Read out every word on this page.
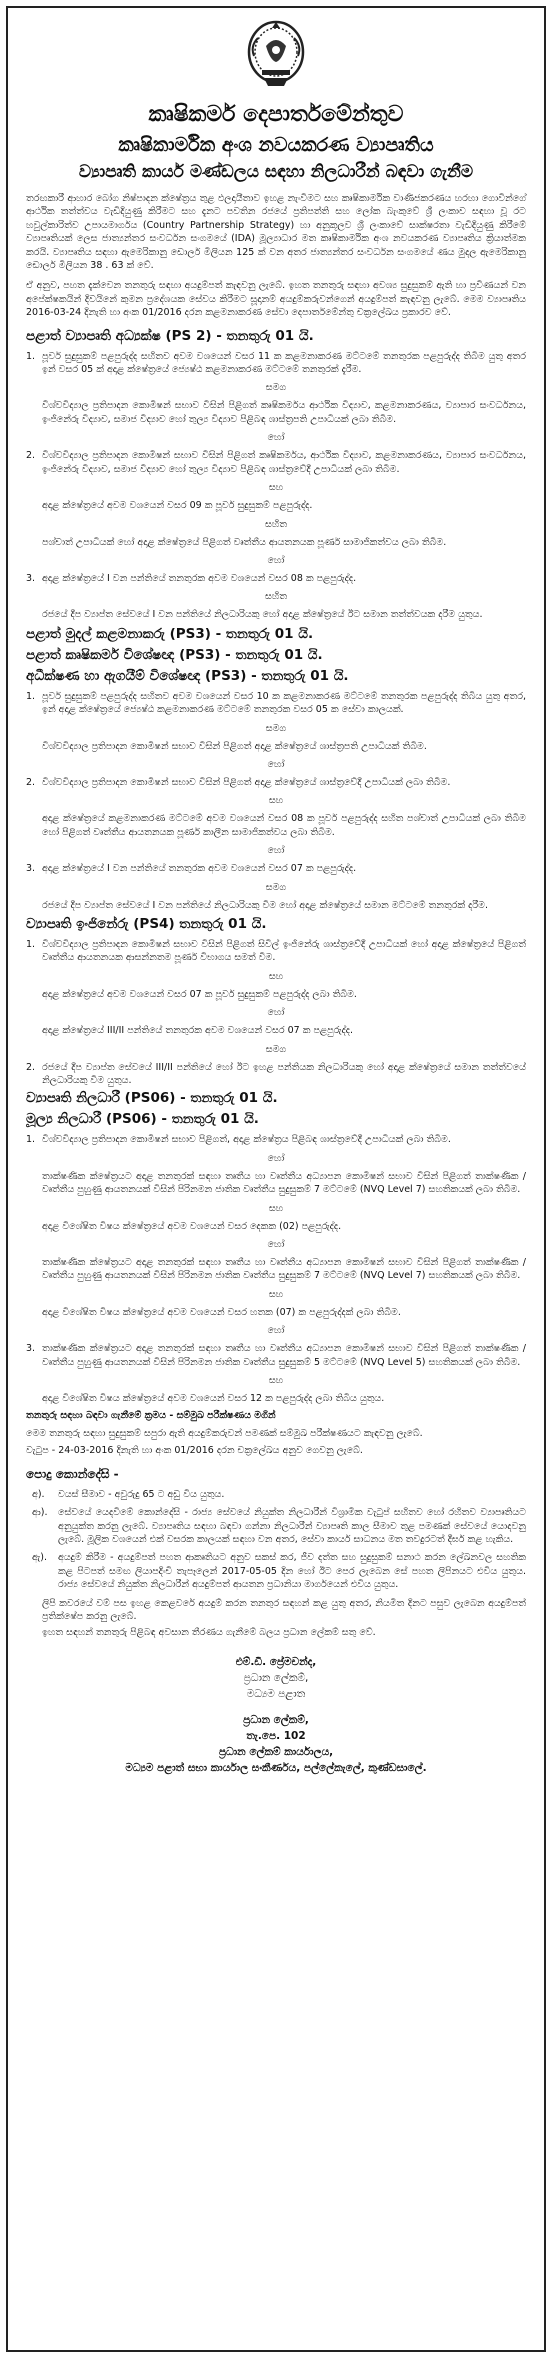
කෘෂිකර්ම දෙපාර්තමේන්තුව
කෘෂිකාර්මික අංශ නවයකරණ ව්‍යාපෘතිය
ව්‍යාපෘති කාර්ය මණ්ඩලය සඳහා නිලධාරීන් බඳවා ගැනීම

තරඟකාරී ආහාර බෝග නිෂ්පාදන ක්ෂේත්‍රය තුළ ඵලදායීතාව ඉහළ නැංවීමට සහ කෘෂිකාර්මික වාණිජකරණය හරහා ගොවීන්ගේ ආර්ථික තත්ත්වය වැඩිදියුණු කිරීමට සහ දැනට පවතින රජයේ ප්‍රතිපත්ති සහ ලෝක බැංකුවේ ශ්‍රී ලංකාව සඳහා වූ රට හවුල්කාරිත්ව උපායමාර්ගය (Country Partnership Strategy) හා අනුකූලව ශ්‍රී ලංකාවේ සාක්ෂරතා වැඩිදියුණු කිරීමේ ව්‍යාපෘතියක් ලෙස ජාත්‍යන්තර සංවර්ධන සංගමයේ (IDA) මූල්‍යාධාර මත කෘෂිකාර්මික අංශ නවයකරණ ව්‍යාපෘතිය ක්‍රියාත්මක කරයි. ව්‍යාපෘතිය සඳහා ඇමෙරිකානු ඩොලර් මිලියන 125 ක් වන අතර ජාත්‍යන්තර සංවර්ධන සංගමයේ ණය මුදල ඇමෙරිකානු ඩොලර් මිලියන 38 . 63 ක් වේ.

ඒ අනුව, පහත දැක්වෙන තනතුරු සඳහා අයදුම්පත් කැඳවනු ලැබේ. ඉහත තනතුරු සඳහා අවශ්‍ය සුදුසුකම් ඇති හා ප්‍රවීණයන් වන අපේක්ෂකයින් දිවයිනේ කුමන ප්‍රදේශයක සේවය කිරීමට සූදානම් අයදුම්කරුවන්ගෙන් අයදුම්පත් කැඳවනු ලැබේ. මෙම ව්‍යාපෘතිය 2016-03-24 දිනැති හා අංක 01/2016 දරන කළමනාකරණ සේවා දෙපාර්තමේන්තු චක්‍රලේඛය ප්‍රකාරව වේ.

පළාත් ව්‍යාපෘති අධ්‍යක්ෂ (PS 2) - තනතුරු 01 යි.
1. පූර්ව සුදුසුකම් පළපුරුද්ද සහිතව අවම වශයෙන් වසර 11 ක කළමනාකරණ මට්ටමේ තනතුරක පළපුරුද්ද තිබීම යුතු අතර ඉන් වසර 05 ක් අදාළ ක්ෂේත්‍රයේ ජ්‍යෙෂ්ඨ කළමනාකරණ මට්ටමේ තනතුරක් දැරීම.
සමග
විශ්වවිද්‍යාල ප්‍රතිපාදන කොමිෂන් සභාව විසින් පිළිගත් කෘෂිකර්මය ආර්ථික විද්‍යාව, කළමනාකරණය, ව්‍යාපාර සංවර්ධනය, ඉංජිනේරු විද්‍යාව, සමාජ විද්‍යාව හෝ තුල්‍ය විද්‍යාව පිළිබඳ ශාස්ත්‍රපති උපාධියක් ලබා තිබීම.
හෝ
2. විශ්වවිද්‍යාල ප්‍රතිපාදන කොමිෂන් සභාව විසින් පිළිගත් කෘෂිකර්මය, ආර්ථික විද්‍යාව, කළමනාකරණය, ව්‍යාපාර සංවර්ධනය, ඉංජිනේරු විද්‍යාව, සමාජ විද්‍යාව හෝ තුල්‍ය විද්‍යාව පිළිබඳ ශාස්ත්‍රවේදී උපාධියක් ලබා තිබීම.
සහ
අදාළ ක්ෂේත්‍රයේ අවම වශයෙන් වසර 09 ක පූර්ව සුදුසුකම් පළපුරුද්ද.
සහිත
පශ්චාත් උපාධියක් හෝ අදාළ ක්ෂේත්‍රයේ පිළිගත් වෘත්තීය ආයතනයක පූර්ණ සාමාජිකත්වය ලබා තිබීම.
හෝ
3. අදාළ ක්ෂේත්‍රයේ I වන පන්තියේ තනතුරක අවම වශයෙන් වසර 08 ක පළපුරුද්ද.
සහිත
රජයේ දීප ව්‍යාප්ත සේවයේ I වන පන්තියේ නිලධාරියකු හෝ අදාළ ක්ෂේත්‍රයේ ඊට සමාන තත්ත්වයක දරීම යුතුය.
පළාත් මුදල් කළමනාකරු (PS3) - තනතුරු 01 යි.
පළාත් කෘෂිකර්ම විශේෂඥ (PS3) - තනතුරු 01 යි.
අධීක්ෂණ හා ඇගයීම් විශේෂඥ (PS3) - තනතුරු 01 යි.
1. පූර්ව සුදුසුකම් පළපුරුද්ද සහිතව අවම වශයෙන් වසර 10 ක කළමනාකරණ මට්ටමේ තනතුරක පළපුරුද්ද තිබිය යුතු අතර, ඉන් අදාළ ක්ෂේත්‍රයේ ජ්‍යෙෂ්ඨ කළමනාකරණ මට්ටමේ තනතුරක වසර 05 ක සේවා කාලයක්.
සමග
විශ්වවිද්‍යාල ප්‍රතිපාදන කොමිෂන් සභාව විසින් පිළිගත් අදාළ ක්ෂේත්‍රයේ ශාස්ත්‍රපති උපාධියක් තිබීම.
හෝ
2. විශ්වවිද්‍යාල ප්‍රතිපාදන කොමිෂන් සභාව විසින් පිළිගත් අදාළ ක්ෂේත්‍රයේ ශාස්ත්‍රවේදී උපාධියක් ලබා තිබීම.
සහ
අදාළ ක්ෂේත්‍රයේ කළමනාකරණ මට්ටමේ අවම වශයෙන් වසර 08 ක පූර්ව පළපුරුද්ද සහිත පශ්චාත් උපාධියක් ලබා තිබීම හෝ පිළිගත් වෘත්තීය ආයතනයක පූර්ණ කාලීන සාමාජිකත්වය ලබා තිබීම.
හෝ
3. අදාළ ක්ෂේත්‍රයේ I වන පන්තියේ තනතුරක අවම වශයෙන් වසර 07 ක පළපුරුද්ද.
සමග
රජයේ දීප ව්‍යාප්ත සේවයේ I වන පන්තියේ නිලධාරියකු වීම හෝ අදාළ ක්ෂේත්‍රයේ සමාන මට්ටමේ තනතුරක් දරීම.
ව්‍යාපෘති ඉංජිනේරු (PS4) තනතුරු 01 යි.
1. විශ්වවිද්‍යාල ප්‍රතිපාදන කොමිෂන් සභාව විසින් පිළිගත් සිවිල් ඉංජිනේරු ශාස්ත්‍රවේදී උපාධියක් හෝ අදාළ ක්ෂේත්‍රයේ පිළිගත් වෘත්තීය ආයතනයක ආසන්නතම පූර්ණ විභාගය සමත් වීම.
සහ
අදාළ ක්ෂේත්‍රයේ අවම වශයෙන් වසර 07 ක පූර්ව සුදුසුකම් පළපුරුද්ද ලබා තිබීම.
හෝ
අදාළ ක්ෂේත්‍රයේ III/II පන්තියේ තනතුරක අවම වශයෙන් වසර 07 ක පළපුරුද්ද.
සමග
2. රජයේ දීප ව්‍යාප්ත සේවයේ III/II පන්තියේ හෝ ඊට ඉහළ පන්තියක නිලධාරියකු හෝ අදාළ ක්ෂේත්‍රයේ සමාන තත්ත්වයේ නිලධාරියකු වීම යුතුය.
ව්‍යාපෘති නිලධාරී (PS06) - තනතුරු 01 යි.
මූල්‍ය නිලධාරී (PS06) - තනතුරු 01 යි.
1. විශ්වවිද්‍යාල ප්‍රතිපාදන කොමිෂන් සභාව පිළිගත්, අදාළ ක්ෂේත්‍රය පිළිබඳ ශාස්ත්‍රවේදී උපාධියක් ලබා තිබීම.
හෝ
තාක්ෂණික ක්ෂේත්‍රයට අදාළ තනතුරක් සඳහා තෘතීය හා වෘත්තීය අධ්‍යාපන කොමිෂන් සභාව විසින් පිළිගත් තාක්ෂණික / වෘත්තීය පුහුණු ආයතනයක් විසින් පිරිනමන ජාතික වෘත්තීය සුදුසුකම් 7 මට්ටමේ (NVQ Level 7) සහතිකයක් ලබා තිබීම.
සහ
අදාළ විශේෂිත විෂය ක්ෂේත්‍රයේ අවම වශයෙන් වසර දෙකක (02) පළපුරුද්ද.
හෝ
තාක්ෂණික ක්ෂේත්‍රයට අදාළ තනතුරක් සඳහා තෘතීය හා වෘත්තීය අධ්‍යාපන කොමිෂන් සභාව විසින් පිළිගත් තාක්ෂණික / වෘත්තීය පුහුණු ආයතනයක් විසින් පිරිනමන ජාතික වෘත්තීය සුදුසුකම් 7 මට්ටමේ (NVQ Level 7) සහතිකයක් ලබා තිබීම.
සහ
අදාළ විශේෂිත විෂය ක්ෂේත්‍රයේ අවම වශයෙන් වසර හතක (07) ක පළපුරුද්දක් ලබා තිබීම.
හෝ
3. තාක්ෂණික ක්ෂේත්‍රයට අදාළ තනතුරක් සඳහා තෘතීය හා වෘත්තීය අධ්‍යාපන කොමිෂන් සභාව විසින් පිළිගත් තාක්ෂණික / වෘත්තීය පුහුණු ආයතනයක් විසින් පිරිනමන ජාතික වෘත්තීය සුදුසුකම් 5 මට්ටමේ (NVQ Level 5) සහතිකයක් ලබා තිබීම.
සහ
අදාළ විශේෂිත විෂය ක්ෂේත්‍රයේ අවම වශයෙන් වසර 12 ක පළපුරුද්ද ලබා තිබිය යුතුය.
තනතුරු සඳහා බඳවා ගැනීමේ ක්‍රමය - සම්මුඛ පරීක්ෂණය මගින්
මෙම තනතුරු සඳහා සුදුසුකම් සපුරා ඇති අයදුම්කරුවන් පමණක් සම්මුඛ පරීක්ෂණයට කැඳවනු ලැබේ.
වැටුප - 24-03-2016 දිනැති හා අංක 01/2016 දරන චක්‍රලේඛය අනුව ගෙවනු ලැබේ.
පොදු කොන්දේසි -
අ).	වයස් සීමාව - අවුරුදු 65 ට අඩු විය යුතුය.
ආ).	සේවයේ යෙදවීමේ කොන්දේසි - රාජ්‍ය සේවයේ නියුක්ත නිලධාරීන් විශ්‍රාමික වැටුප් සහිතව හෝ රහිතව ව්‍යාපෘතියට අනුයුක්ත කරනු ලැබේ. ව්‍යාපෘතිය සඳහා බඳවා ගන්නා නිලධාරීන් ව්‍යාපෘති කාල සීමාව තුළ පමණක් සේවයේ යොදවනු ලැබේ. මූලික වශයෙන් එක් වසරක කාලයක් සඳහා වන අතර, සේවා කාර්ය සාධනය මත තවදුරටත් දීර්ඝ කළ හැකිය.
ඇ).	අයදුම් කිරීම - අයදුම්පත් පහත ආකෘතියට අනුව සකස් කර, ජීව දත්ත සහ සුදුසුකම් සනාථ කරන ලේඛනවල සහතික කළ පිටපත් සමඟ ලියාපදිංචි තැපෑලෙන් 2017-05-05 දින හෝ ඊට පෙර ලැබෙන සේ පහත ලිපිනයට එවිය යුතුය. රාජ්‍ය සේවයේ නියුක්ත නිලධාරීන් අයදුම්පත් ආයතන ප්‍රධානියා මාර්ගයෙන් එවිය යුතුය.
ලිපි කවරයේ වම් පස ඉහළ කෙළවරේ අයදුම් කරන තනතුර සඳහන් කළ යුතු අතර, නියමිත දිනට පසුව ලැබෙන අයදුම්පත් ප්‍රතික්ෂේප කරනු ලැබේ.
ඉහත සඳහන් තනතුරු පිළිබඳ අවසාන තීරණය ගැනීමේ බලය ප්‍රධාන ලේකම් සතු වේ.
එම්.ඩී. ප්‍රේමචන්ද,
ප්‍රධාන ලේකම්,
මධ්‍යම පළාත
ප්‍රධාන ලේකම්,
තැ.පෙ. 102
ප්‍රධාන ලේකම් කාර්යාලය,
මධ්‍යම පළාත් සභා කාර්යාල සංකීර්ණය, පල්ලේකැලේ, කුණ්ඩසාලේ.
